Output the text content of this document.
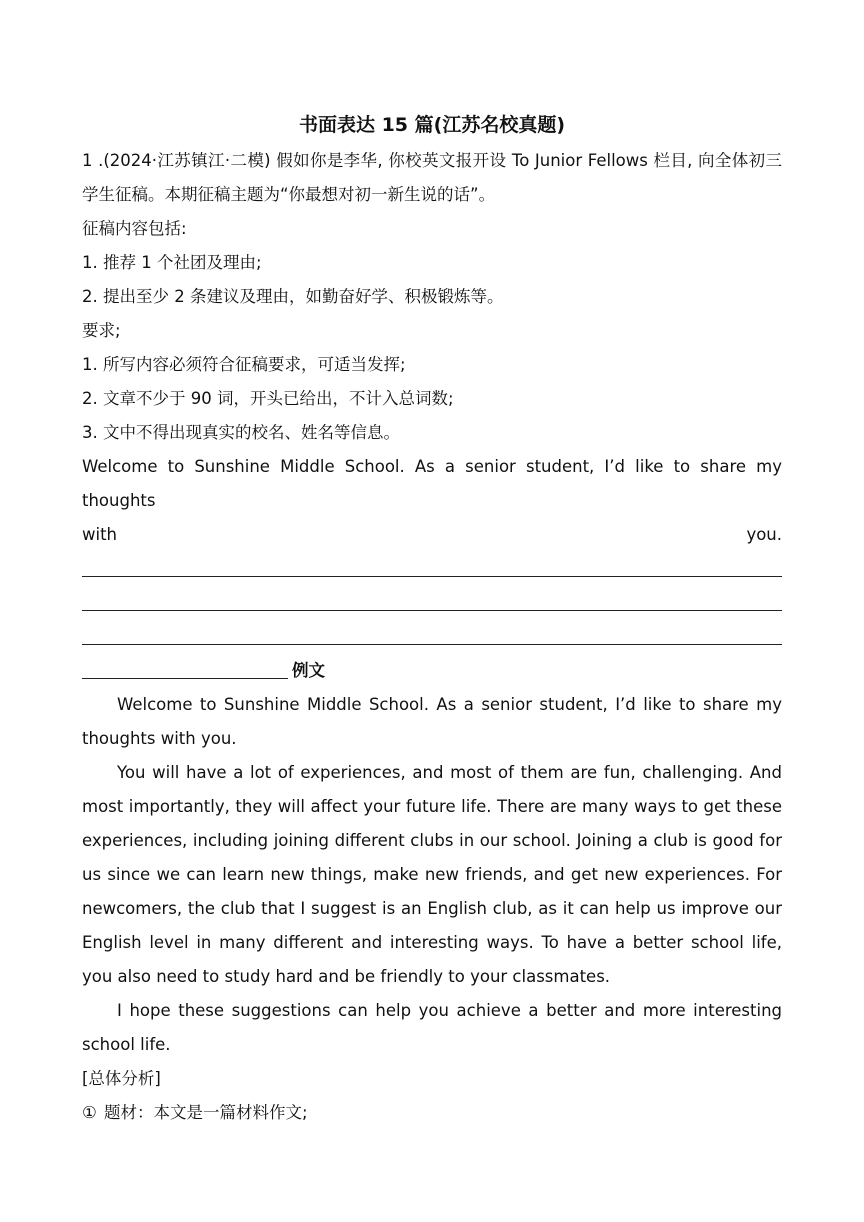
书面表达 15 篇(江苏名校真题)

1 .(2024·江苏镇江·二模) 假如你是李华, 你校英文报开设 To Junior Fellows 栏目, 向全体初三学生征稿。本期征稿主题为“你最想对初一新生说的话”。

征稿内容包括:

1. 推荐 1 个社团及理由;

2. 提出至少 2 条建议及理由，如勤奋好学、积极锻炼等。

要求;

1. 所写内容必须符合征稿要求，可适当发挥;

2. 文章不少于 90 词，开头已给出，不计入总词数;

3. 文中不得出现真实的校名、姓名等信息。

Welcome to Sunshine Middle School. As a senior student, I’d like to share my thoughts

with	you.
例文

Welcome to Sunshine Middle School. As a senior student, I’d like to share my thoughts with you.

You will have a lot of experiences, and most of them are fun, challenging. And most importantly, they will affect your future life. There are many ways to get these experiences, including joining different clubs in our school. Joining a club is good for us since we can learn new things, make new friends, and get new experiences. For newcomers, the club that I suggest is an English club, as it can help us improve our English level in many different and interesting ways. To have a better school life, you also need to study hard and be friendly to your classmates.

I hope these suggestions can help you achieve a better and more interesting school life.

[总体分析]

① 题材：本文是一篇材料作文;
